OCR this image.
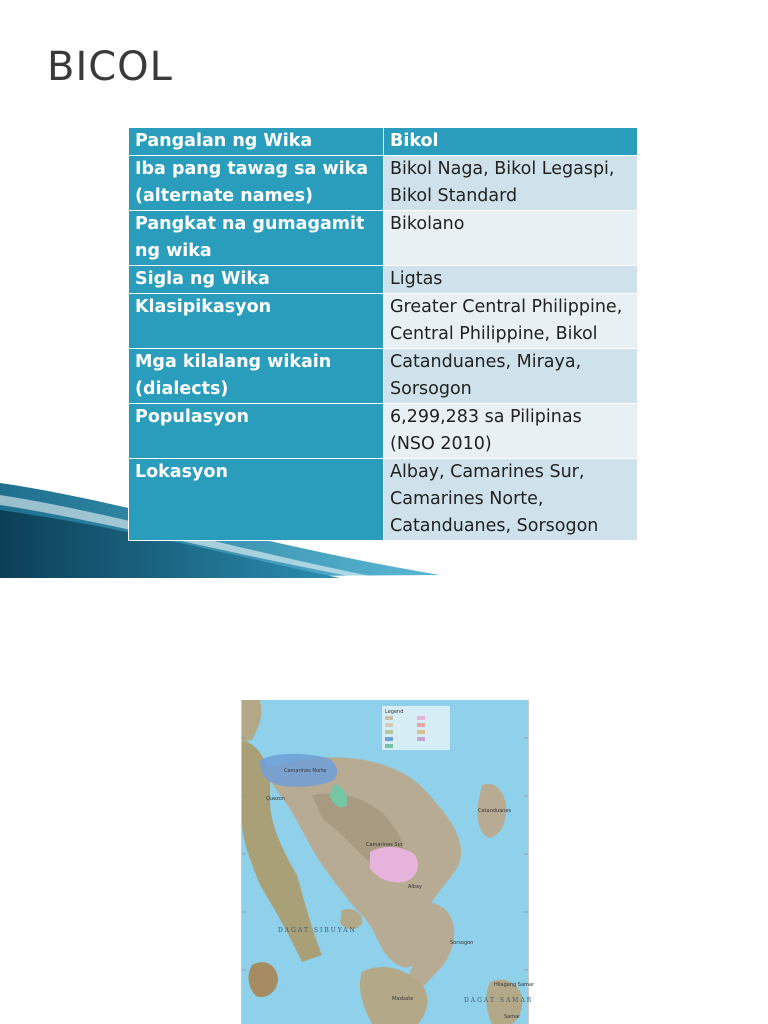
BICOL
Pangalan ng Wika	Bikol
Iba pang tawag sa wika (alternate names)	Bikol Naga, Bikol Legaspi, Bikol Standard
Pangkat na gumagamit ng wika	Bikolano
Sigla ng Wika	Ligtas
Klasipikasyon	Greater Central Philippine, Central Philippine, Bikol
Mga kilalang wikain (dialects)	Catanduanes, Miraya, Sorsogon
Populasyon	6,299,283 sa Pilipinas (NSO 2010)
Lokasyon	Albay, Camarines Sur, Camarines Norte, Catanduanes, Sorsogon
Legend
Camarines Norte
Quezon
Catanduanes
Camarines Sur
Albay
Sorsogon
Masbate
Hilagang Samar
Samar
DAGAT SIBUYAN
DAGAT SAMAR
